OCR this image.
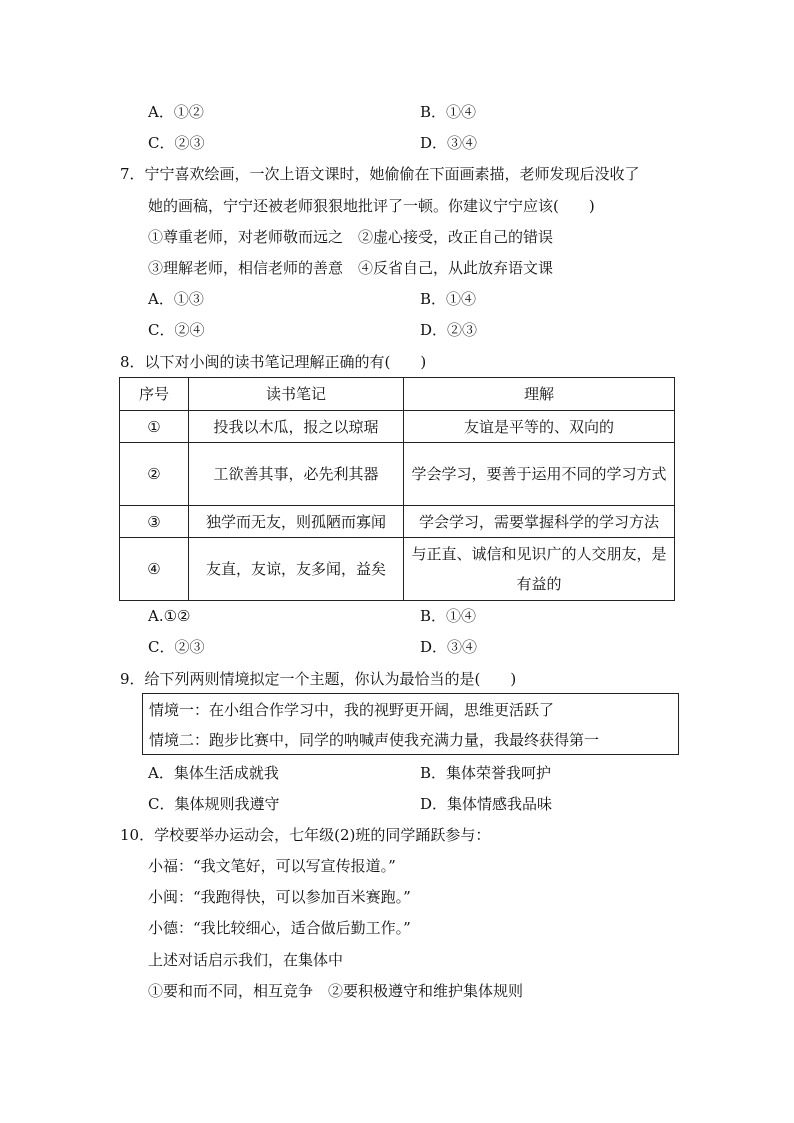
A．①②	B．①④
C．②③	D．③④
7．宁宁喜欢绘画，一次上语文课时，她偷偷在下面画素描，老师发现后没收了
她的画稿，宁宁还被老师狠狠地批评了一顿。你建议宁宁应该(　　)
①尊重老师，对老师敬而远之　②虚心接受，改正自己的错误
③理解老师，相信老师的善意　④反省自己，从此放弃语文课
A．①③	B．①④
C．②④	D．②③
8．以下对小闽的读书笔记理解正确的有(　　)
序号	读书笔记	理解
①	投我以木瓜，报之以琼琚	友谊是平等的、双向的
②	工欲善其事，必先利其器	学会学习，要善于运用不同的学习方式
③	独学而无友，则孤陋而寡闻	学会学习，需要掌握科学的学习方法
④	友直，友谅，友多闻，益矣	与正直、诚信和见识广的人交朋友，是有益的
A.①②	B．①④
C．②③	D．③④
9．给下列两则情境拟定一个主题，你认为最恰当的是(　　)
情境一：在小组合作学习中，我的视野更开阔，思维更活跃了
情境二：跑步比赛中，同学的呐喊声使我充满力量，我最终获得第一
A．集体生活成就我	B．集体荣誉我呵护
C．集体规则我遵守	D．集体情感我品味
10．学校要举办运动会，七年级(2)班的同学踊跃参与：
小福：“我文笔好，可以写宣传报道。”
小闽：“我跑得快，可以参加百米赛跑。”
小德：“我比较细心，适合做后勤工作。”
上述对话启示我们，在集体中
①要和而不同，相互竞争　②要积极遵守和维护集体规则
